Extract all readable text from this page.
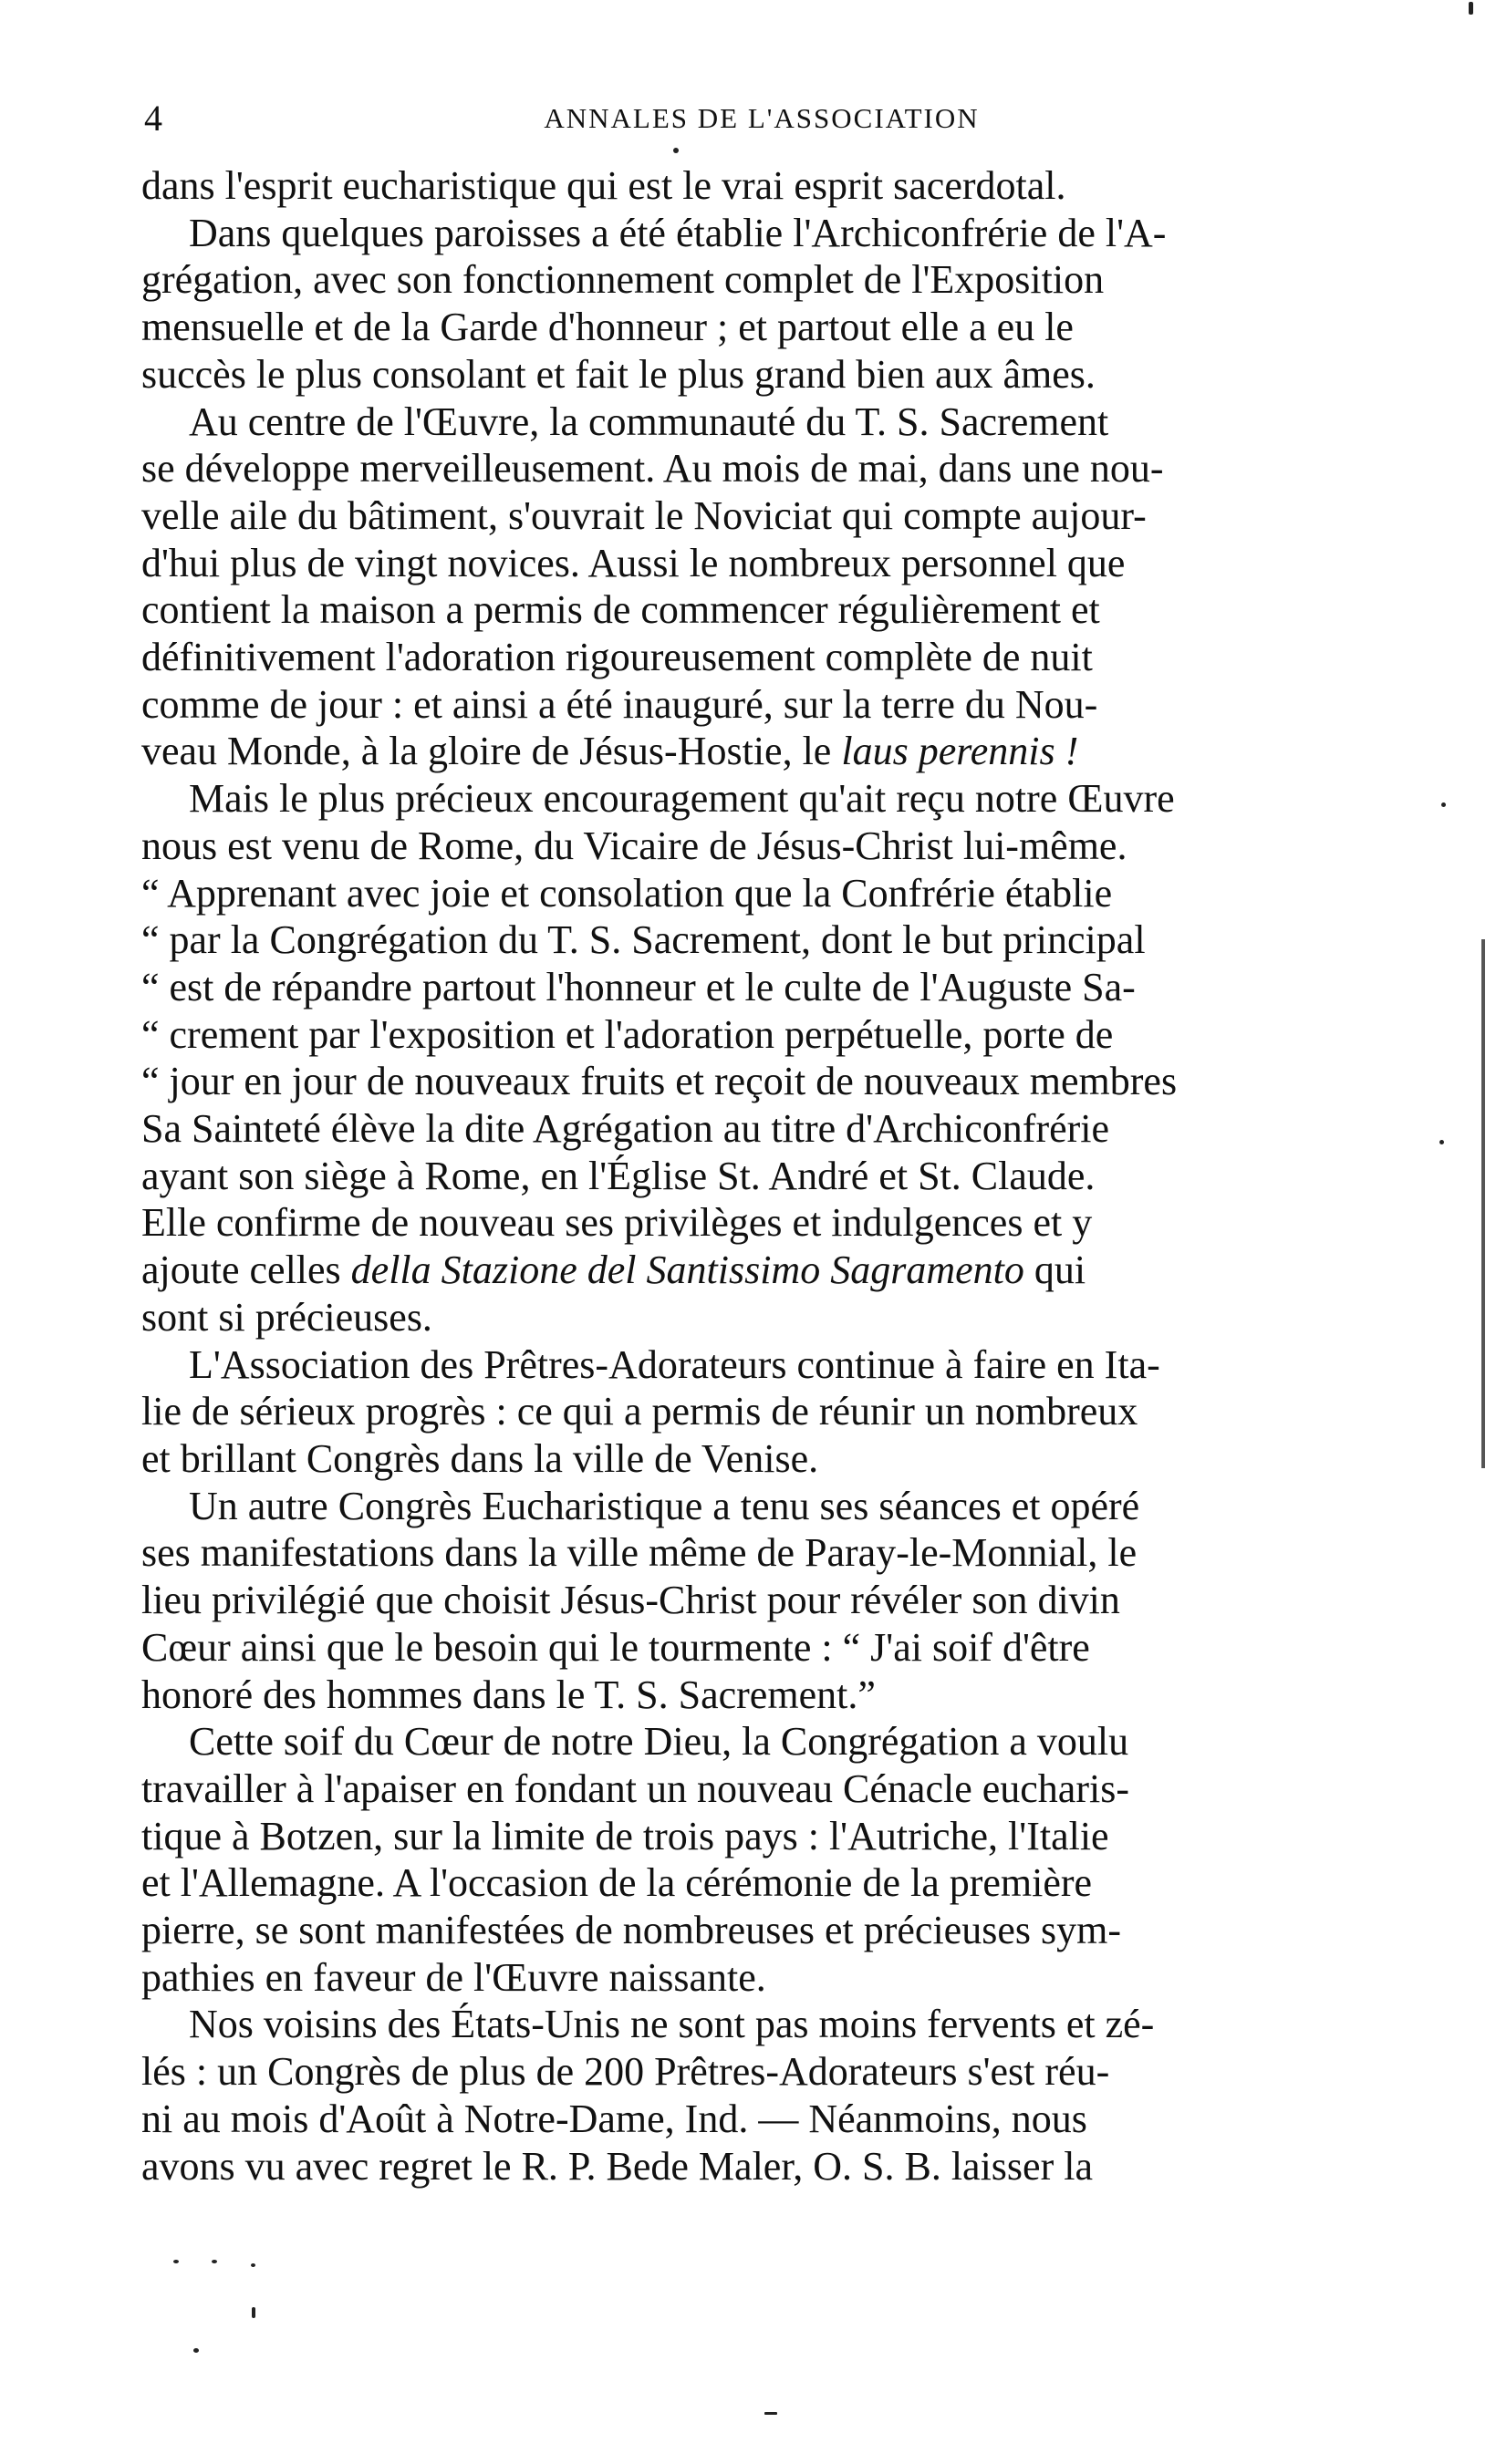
4	ANNALES DE L'ASSOCIATION

dans l'esprit eucharistique qui est le vrai esprit sacerdotal.

Dans quelques paroisses a été établie l'Archiconfrérie de l'A-
grégation, avec son fonctionnement complet de l'Exposition
mensuelle et de la Garde d'honneur ; et partout elle a eu le
succès le plus consolant et fait le plus grand bien aux âmes.

Au centre de l'Œuvre, la communauté du T. S. Sacrement
se développe merveilleusement. Au mois de mai, dans une nou-
velle aile du bâtiment, s'ouvrait le Noviciat qui compte aujour-
d'hui plus de vingt novices. Aussi le nombreux personnel que
contient la maison a permis de commencer régulièrement et
définitivement l'adoration rigoureusement complète de nuit
comme de jour : et ainsi a été inauguré, sur la terre du Nou-
veau Monde, à la gloire de Jésus-Hostie, le laus perennis !

Mais le plus précieux encouragement qu'ait reçu notre Œuvre
nous est venu de Rome, du Vicaire de Jésus-Christ lui-même.
“ Apprenant avec joie et consolation que la Confrérie établie
“ par la Congrégation du T. S. Sacrement, dont le but principal
“ est de répandre partout l'honneur et le culte de l'Auguste Sa-
“ crement par l'exposition et l'adoration perpétuelle, porte de
“ jour en jour de nouveaux fruits et reçoit de nouveaux membres
Sa Sainteté élève la dite Agrégation au titre d'Archiconfrérie
ayant son siège à Rome, en l'Église St. André et St. Claude.
Elle confirme de nouveau ses privilèges et indulgences et y
ajoute celles della Stazione del Santissimo Sagramento qui
sont si précieuses.

L'Association des Prêtres-Adorateurs continue à faire en Ita-
lie de sérieux progrès : ce qui a permis de réunir un nombreux
et brillant Congrès dans la ville de Venise.

Un autre Congrès Eucharistique a tenu ses séances et opéré
ses manifestations dans la ville même de Paray-le-Monnial, le
lieu privilégié que choisit Jésus-Christ pour révéler son divin
Cœur ainsi que le besoin qui le tourmente : “ J'ai soif d'être
honoré des hommes dans le T. S. Sacrement.”

Cette soif du Cœur de notre Dieu, la Congrégation a voulu
travailler à l'apaiser en fondant un nouveau Cénacle eucharis-
tique à Botzen, sur la limite de trois pays : l'Autriche, l'Italie
et l'Allemagne. A l'occasion de la cérémonie de la première
pierre, se sont manifestées de nombreuses et précieuses sym-
pathies en faveur de l'Œuvre naissante.

Nos voisins des États-Unis ne sont pas moins fervents et zé-
lés : un Congrès de plus de 200 Prêtres-Adorateurs s'est réu-
ni au mois d'Août à Notre-Dame, Ind. — Néanmoins, nous
avons vu avec regret le R. P. Bede Maler, O. S. B. laisser la
